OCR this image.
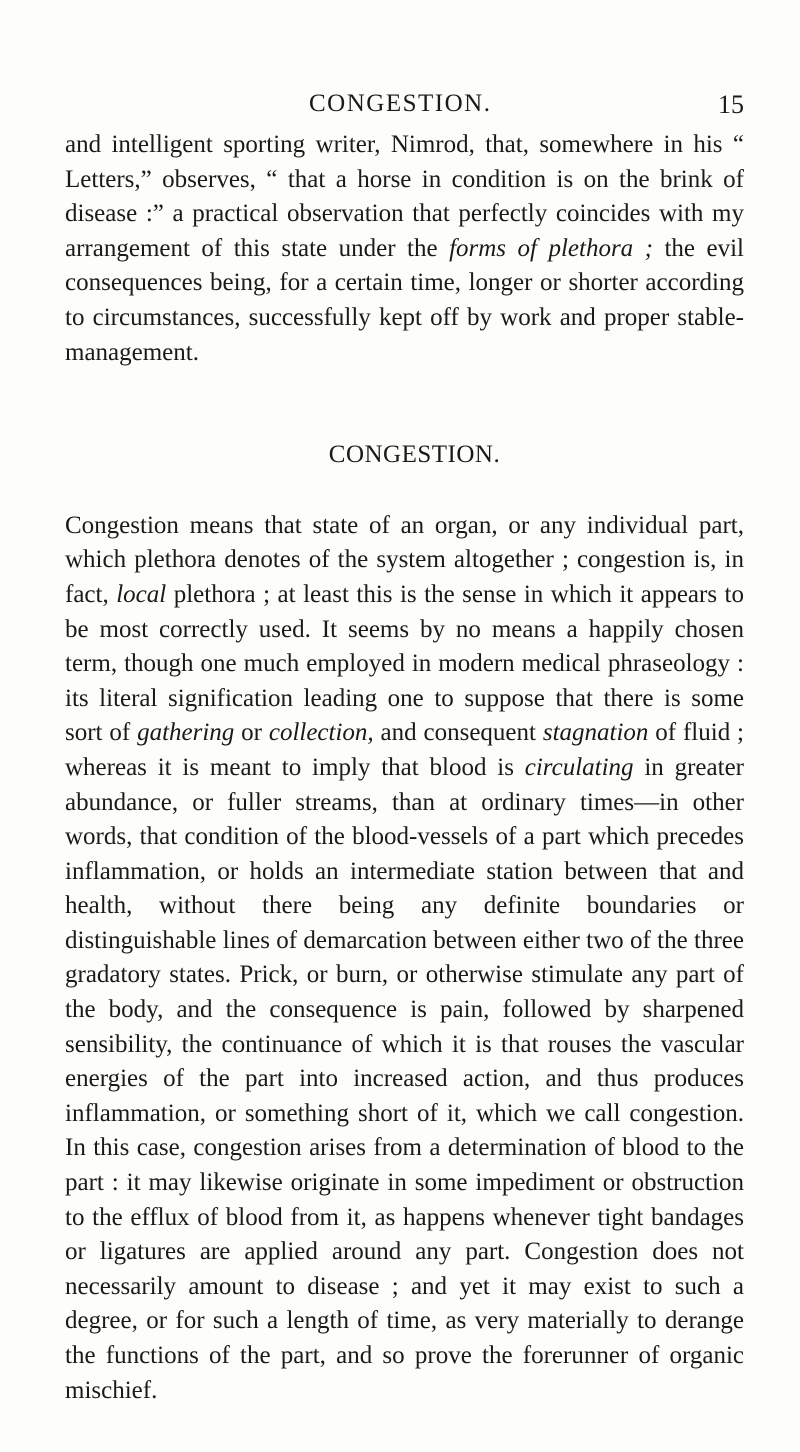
CONGESTION.	15

and intelligent sporting writer, Nimrod, that, somewhere in his “ Letters,” observes, “ that a horse in condition is on the brink of disease :” a practical observation that perfectly coincides with my arrangement of this state under the forms of plethora ; the evil consequences being, for a certain time, longer or shorter according to circumstances, successfully kept off by work and proper stable-management.

CONGESTION.

Congestion means that state of an organ, or any individual part, which plethora denotes of the system altogether ; congestion is, in fact, local plethora ; at least this is the sense in which it appears to be most correctly used. It seems by no means a happily chosen term, though one much employed in modern medical phraseology : its literal signification leading one to suppose that there is some sort of gathering or collection, and consequent stagnation of fluid ; whereas it is meant to imply that blood is circulating in greater abundance, or fuller streams, than at ordinary times—in other words, that condition of the blood-vessels of a part which precedes inflammation, or holds an intermediate station between that and health, without there being any definite boundaries or distinguishable lines of demarcation between either two of the three gradatory states. Prick, or burn, or otherwise stimulate any part of the body, and the consequence is pain, followed by sharpened sensibility, the continuance of which it is that rouses the vascular energies of the part into increased action, and thus produces inflammation, or something short of it, which we call congestion. In this case, congestion arises from a determination of blood to the part : it may likewise originate in some impediment or obstruction to the efflux of blood from it, as happens whenever tight bandages or ligatures are applied around any part. Congestion does not necessarily amount to disease ; and yet it may exist to such a degree, or for such a length of time, as very materially to derange the functions of the part, and so prove the forerunner of organic mischief.
